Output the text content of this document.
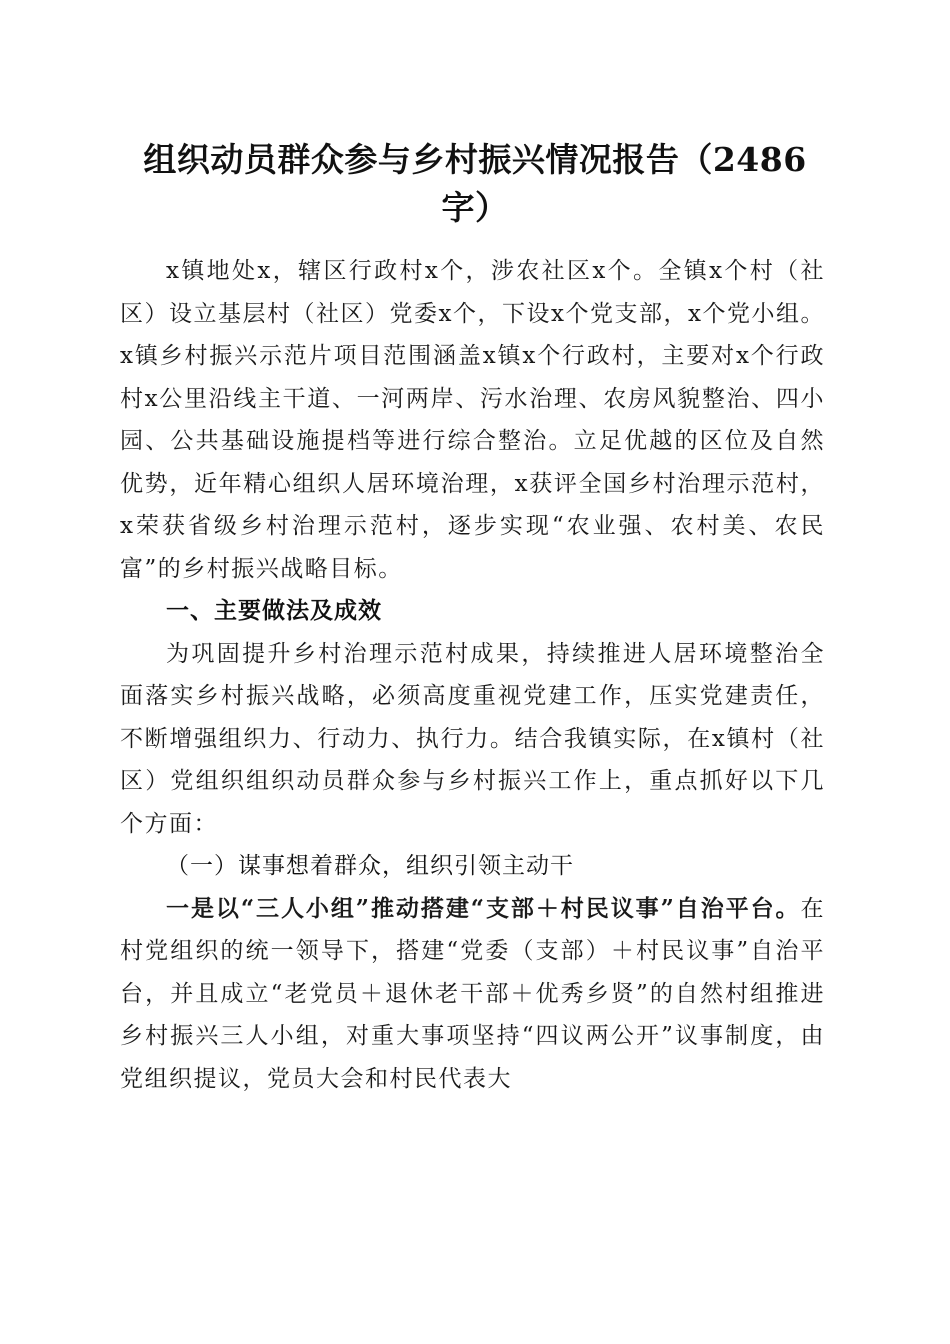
组织动员群众参与乡村振兴情况报告（2486字）

x镇地处x，辖区行政村x个，涉农社区x个。全镇x个村（社区）设立基层村（社区）党委x个，下设x个党支部，x个党小组。x镇乡村振兴示范片项目范围涵盖x镇x个行政村，主要对x个行政村x公里沿线主干道、一河两岸、污水治理、农房风貌整治、四小园、公共基础设施提档等进行综合整治。立足优越的区位及自然优势，近年精心组织人居环境治理，x获评全国乡村治理示范村，x荣获省级乡村治理示范村，逐步实现“农业强、农村美、农民富”的乡村振兴战略目标。

一、主要做法及成效

为巩固提升乡村治理示范村成果，持续推进人居环境整治全面落实乡村振兴战略，必须高度重视党建工作，压实党建责任，不断增强组织力、行动力、执行力。结合我镇实际，在x镇村（社区）党组织组织动员群众参与乡村振兴工作上，重点抓好以下几个方面：

（一）谋事想着群众，组织引领主动干

一是以“三人小组”推动搭建“支部＋村民议事”自治平台。在村党组织的统一领导下，搭建“党委（支部）＋村民议事”自治平台，并且成立“老党员＋退休老干部＋优秀乡贤”的自然村组推进乡村振兴三人小组，对重大事项坚持“四议两公开”议事制度，由党组织提议，党员大会和村民代表大
